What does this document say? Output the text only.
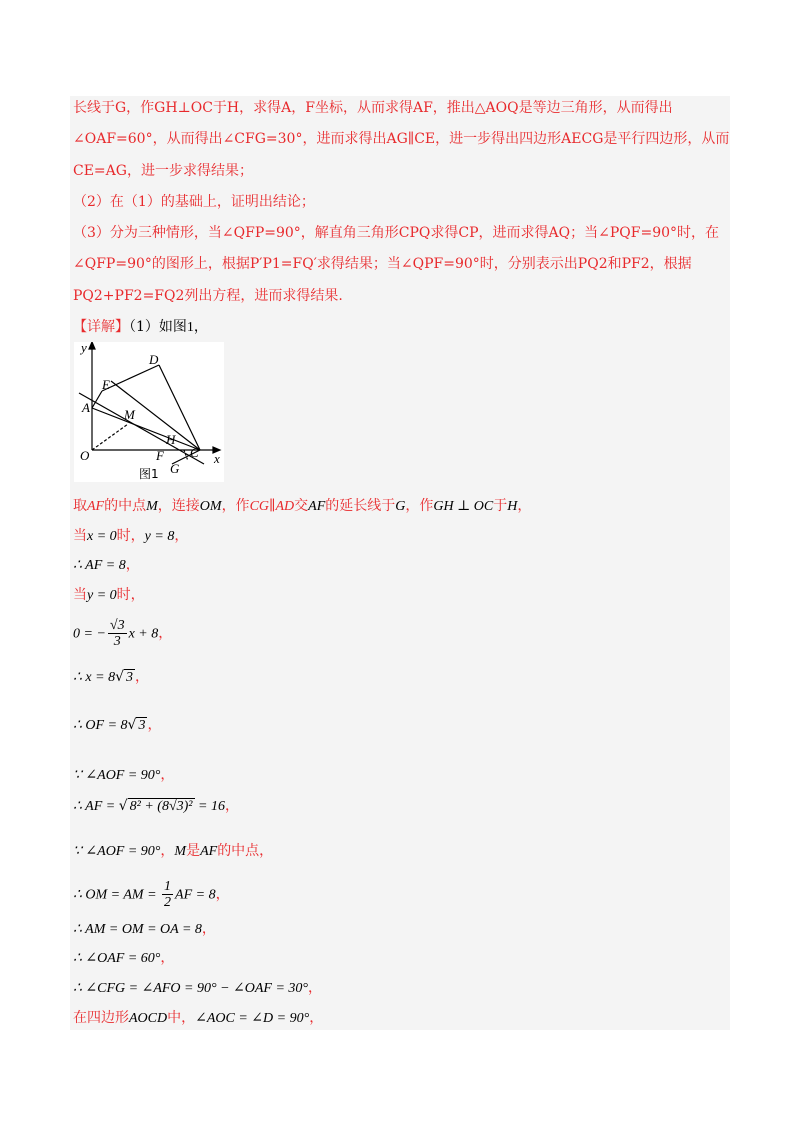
长线于G，作GH⊥OC于H，求得A，F坐标，从而求得AF，推出△AOQ是等边三角形，从而得出
∠OAF=60°，从而得出∠CFG=30°，进而求得出AG∥CE，进一步得出四边形AECG是平行四边形，从而
CE=AG，进一步求得结果；
（2）在（1）的基础上，证明出结论；
（3）分为三种情形，当∠QFP=90°，解直角三角形CPQ求得CP，进而求得AQ；当∠PQF=90°时，在
∠QFP=90°的图形上，根据P′P1=FQ′求得结果；当∠QPF=90°时，分别表示出PQ2和PF2，根据
PQ2+PF2=FQ2列出方程，进而求得结果.
【详解】（1）如图1，
y
x
O
A
D
E
M
H
C
F
G
图1
取AF的中点M，连接OM，作CG∥AD交AF的延长线于G，作GH ⊥ OC于H，
当x = 0时，y = 8，
∴ AF = 8，
当y = 0时，
0 = − $\frac{√3}{3}$ x + 8，
∴ x = 8√ 3 ，
∴ OF = 8√ 3 ，
∵ ∠AOF = 90°，
∴ AF = √ 8² + (8√3)² = 16，
∵ ∠AOF = 90°，M是AF的中点，
∴ OM = AM = $\frac{1}{2}$ AF = 8，
∴ AM = OM = OA = 8，
∴ ∠OAF = 60°，
∴ ∠CFG = ∠AFO = 90° − ∠OAF = 30°，
在四边形AOCD中，∠AOC = ∠D = 90°，
